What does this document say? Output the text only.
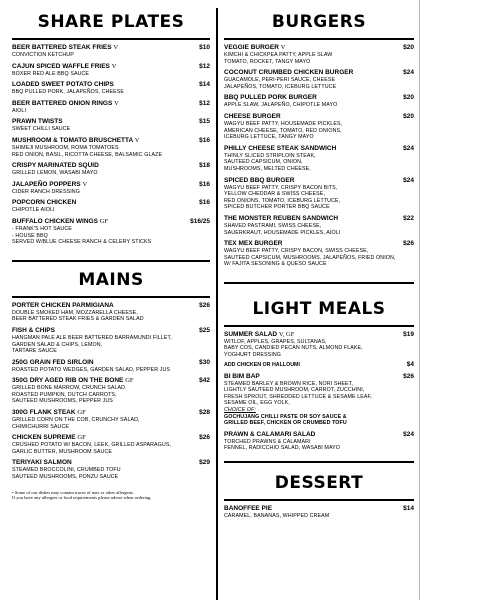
SHARE PLATES
BEER BATTERED STEAK FRIES V	$10
CONVICTION KETCHUP
CAJUN SPICED WAFFLE FRIES V	$12
BOXER RED ALE BBQ SAUCE
LOADED SWEET POTATO CHIPS	$14
BBQ PULLED PORK, JALAPEÑOS, CHEESE
BEER BATTERED ONION RINGS V	$12
AIOLI
PRAWN TWISTS	$15
SWEET CHILLI SAUCE
MUSHROOM & TOMATO BRUSCHETTA V	$16
SHIMEJI MUSHROOM, ROMA TOMATOES
RED ONION, BASIL, RICOTTA CHEESE, BALSAMIC GLAZE
CRISPY MARINATED SQUID	$18
GRILLED LEMON, WASABI MAYO
JALAPEÑO POPPERS V	$16
CIDER RANCH DRESSING
POPCORN CHICKEN	$16
CHIPOTLE AIOLI
BUFFALO CHICKEN WINGS GF	$16/25
- FRANK'S HOT SAUCE
- HOUSE BBQ
SERVED W/BLUE CHEESE RANCH & CELERY STICKS
MAINS
PORTER CHICKEN PARMIGIANA	$26
DOUBLE SMOKED HAM, MOZZARELLA CHEESE,
BEER BATTERED STEAK FRIES & GARDEN SALAD
FISH & CHIPS	$25
HANGMAN PALE ALE BEER BATTERED BARRAMUNDI FILLET,
GARDEN SALAD & CHIPS, LEMON,
TARTARE SAUCE
250G GRAIN FED SIRLOIN	$30
ROASTED POTATO WEDGES, GARDEN SALAD, PEPPER JUS
350G DRY AGED RIB ON THE BONE GF	$42
GRILLED BONE MARROW, CRUNCH SALAD
ROASTED PUMPKIN, DUTCH CARROTS,
SAUTEED MUSHROOMS, PEPPER JUS
300G FLANK STEAK GF	$28
GRILLED CORN ON THE COB, CRUNCHY SALAD,
CHIMICHURRI SAUCE
CHICKEN SUPREME GF	$26
CRUSHED POTATO W/ BACON, LEEK, GRILLED ASPARAGUS,
GARLIC BUTTER, MUSHROOM SAUCE
TERIYAKI SALMON	$29
STEAMED BROCCOLINI, CRUMBED TOFU
SAUTEED MUSHROOMS, PONZU SAUCE
• Some of our dishes may contain traces of nuts or other allergens.
If you have any allergies or food requirements please advise when ordering.
BURGERS
VEGGIE BURGER V	$20
KIMCHI & CHICKPEA PATTY, APPLE SLAW
TOMATO, ROCKET, TANGY MAYO
COCONUT CRUMBED CHICKEN BURGER	$24
GUACAMOLE, PERI-PERI SAUCE, CHEESE
JALAPEÑOS, TOMATO, ICEBURG LETTUCE
BBQ PULLED PORK BURGER	$20
APPLE SLAW, JALAPEÑO, CHIPOTLE MAYO
CHEESE BURGER	$20
WAGYU BEEF PATTY, HOUSEMADE PICKLES,
AMERICAN CHEESE, TOMATO, RED ONIONS,
ICEBURG LETTUCE, TANGY MAYO
PHILLY CHEESE STEAK SANDWICH	$24
THINLY SLICED STRIPLOIN STEAK,
SAUTEED CAPSICUM, ONION,
MUSHROOMS, MELTED CHEESE,
SPICED BBQ BURGER	$24
WAGYU BEEF PATTY, CRISPY BACON BITS,
YELLOW CHEDDAR & SWISS CHEESE,
RED ONIONS, TOMATO, ICEBURG LETTUCE,
SPICED BUTCHER PORTER BBQ SAUCE
THE MONSTER REUBEN SANDWICH	$22
SHAVED PASTRAMI, SWISS CHEESE,
SAUERKRAUT, HOUSEMADE PICKLES, AIOLI
TEX MEX BURGER	$26
WAGYU BEEF PATTY, CRISPY BACON, SWISS CHEESE,
SAUTEED CAPSICUM, MUSHROOMS, JALAPEÑOS, FRIED ONION,
W/ FAJITA SESONING & QUESO SAUCE
LIGHT MEALS
SUMMER SALAD V, GF	$19
WITLOF, APPLES, GRAPES, SULTANAS,
BABY COS, CANDIED PECAN NUTS, ALMOND FLAKE,
YOGHURT DRESSING
ADD CHICKEN OR HALLOUMI	$4
BI BIM BAP	$26
STEAMED BARLEY & BROWN RICE, NORI SHEET,
LIGHTLY SAUTEED MUSHROOM, CARROT, ZUCCHINI,
FRESH SPROUT, SHREDDED LETTUCE & SESAME LEAF,
SESAME OIL, EGG YOLK,
CHOICE OF:
GOCHUJANG CHILLI PASTE OR SOY SAUCE &
GRILLED BEEF, CHICKEN OR CRUMBED TOFU
PRAWN & CALAMARI SALAD	$24
TORCHED PRAWNS & CALAMARI
FENNEL, RADICCHIO SALAD, WASABI MAYO
DESSERT
BANOFFEE PIE	$14
CARAMEL, BANANAS, WHIPPED CREAM
